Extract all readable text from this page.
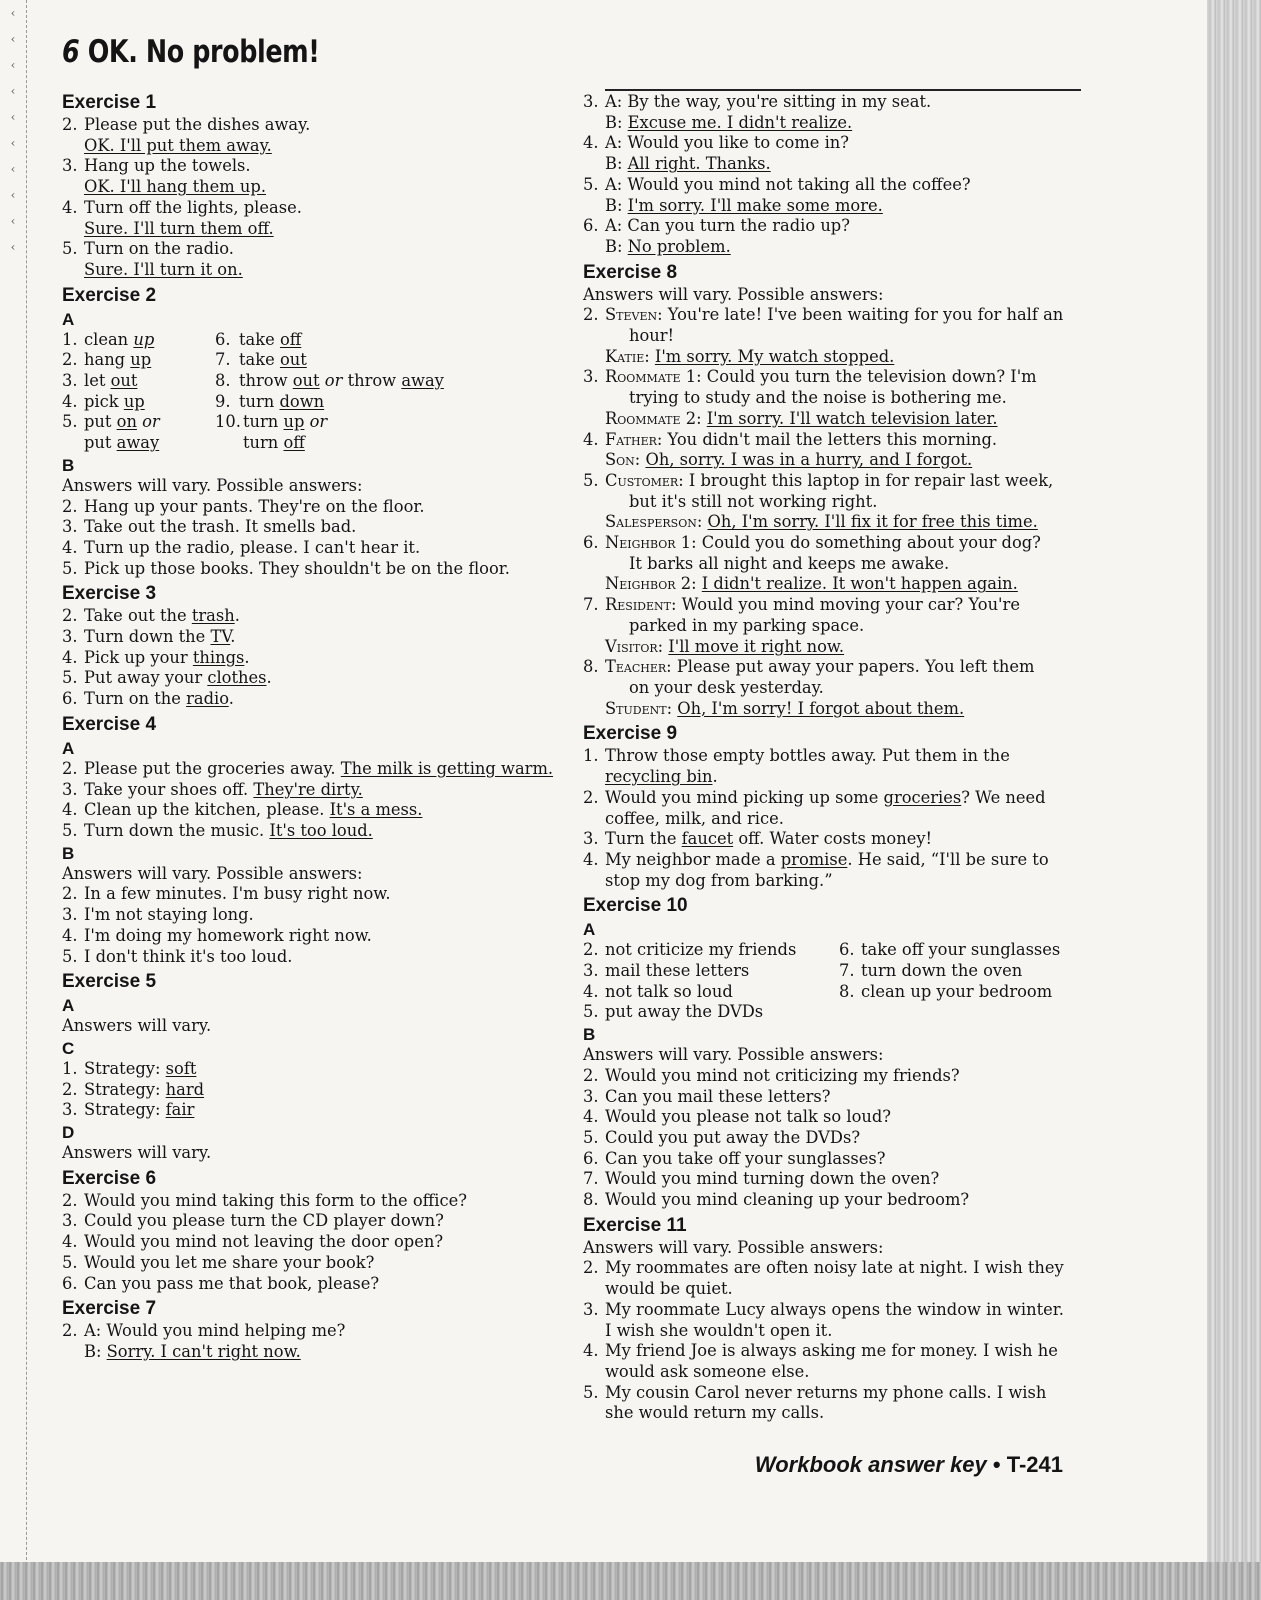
‹
‹
‹
‹
‹
‹
‹
‹
‹
‹
6 OK. No problem!
Exercise 1
2. Please put the dishes away.
OK. I'll put them away.
3. Hang up the towels.
OK. I'll hang them up.
4. Turn off the lights, please.
Sure. I'll turn them off.
5. Turn on the radio.
Sure. I'll turn it on.
Exercise 2
A
1. clean up
2. hang up
3. let out
4. pick up
5. put on or
put away
6. take off
7. take out
8. throw out or throw away
9. turn down
10. turn up or
turn off
B
Answers will vary. Possible answers:
2. Hang up your pants. They're on the floor.
3. Take out the trash. It smells bad.
4. Turn up the radio, please. I can't hear it.
5. Pick up those books. They shouldn't be on the floor.
Exercise 3
2. Take out the trash.
3. Turn down the TV.
4. Pick up your things.
5. Put away your clothes.
6. Turn on the radio.
Exercise 4
A
2. Please put the groceries away. The milk is getting warm.
3. Take your shoes off. They're dirty.
4. Clean up the kitchen, please. It's a mess.
5. Turn down the music. It's too loud.
B
Answers will vary. Possible answers:
2. In a few minutes. I'm busy right now.
3. I'm not staying long.
4. I'm doing my homework right now.
5. I don't think it's too loud.
Exercise 5
A
Answers will vary.
C
1. Strategy: soft
2. Strategy: hard
3. Strategy: fair
D
Answers will vary.
Exercise 6
2. Would you mind taking this form to the office?
3. Could you please turn the CD player down?
4. Would you mind not leaving the door open?
5. Would you let me share your book?
6. Can you pass me that book, please?
Exercise 7
2. A: Would you mind helping me?
B: Sorry. I can't right now.
3. A: By the way, you're sitting in my seat.
B: Excuse me. I didn't realize.
4. A: Would you like to come in?
B: All right. Thanks.
5. A: Would you mind not taking all the coffee?
B: I'm sorry. I'll make some more.
6. A: Can you turn the radio up?
B: No problem.
Exercise 8
Answers will vary. Possible answers:
2. Steven: You're late! I've been waiting for you for half an
hour!
Katie: I'm sorry. My watch stopped.
3. Roommate 1: Could you turn the television down? I'm
trying to study and the noise is bothering me.
Roommate 2: I'm sorry. I'll watch television later.
4. Father: You didn't mail the letters this morning.
Son: Oh, sorry. I was in a hurry, and I forgot.
5. Customer: I brought this laptop in for repair last week,
but it's still not working right.
Salesperson: Oh, I'm sorry. I'll fix it for free this time.
6. Neighbor 1: Could you do something about your dog?
It barks all night and keeps me awake.
Neighbor 2: I didn't realize. It won't happen again.
7. Resident: Would you mind moving your car? You're
parked in my parking space.
Visitor: I'll move it right now.
8. Teacher: Please put away your papers. You left them
on your desk yesterday.
Student: Oh, I'm sorry! I forgot about them.
Exercise 9
1. Throw those empty bottles away. Put them in the
recycling bin.
2. Would you mind picking up some groceries? We need
coffee, milk, and rice.
3. Turn the faucet off. Water costs money!
4. My neighbor made a promise. He said, “I'll be sure to
stop my dog from barking.”
Exercise 10
A
2. not criticize my friends
3. mail these letters
4. not talk so loud
5. put away the DVDs
6. take off your sunglasses
7. turn down the oven
8. clean up your bedroom
B
Answers will vary. Possible answers:
2. Would you mind not criticizing my friends?
3. Can you mail these letters?
4. Would you please not talk so loud?
5. Could you put away the DVDs?
6. Can you take off your sunglasses?
7. Would you mind turning down the oven?
8. Would you mind cleaning up your bedroom?
Exercise 11
Answers will vary. Possible answers:
2. My roommates are often noisy late at night. I wish they
would be quiet.
3. My roommate Lucy always opens the window in winter.
I wish she wouldn't open it.
4. My friend Joe is always asking me for money. I wish he
would ask someone else.
5. My cousin Carol never returns my phone calls. I wish
she would return my calls.
Workbook answer key • T-241
